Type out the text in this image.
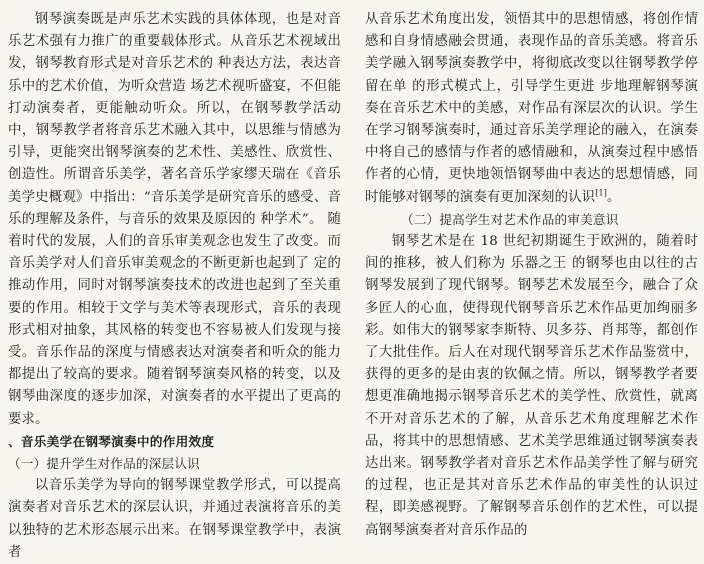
钢琴演奏既是声乐艺术实践的具体体现，也是对音乐艺术强有力推广的重要载体形式。从音乐艺术视域出发，钢琴教育形式是对音乐艺术的 种表达方法，表达音乐中的艺术价值，为听众营造 场艺术视听盛宴，不但能打动演奏者，更能触动听众。所以，在钢琴教学活动中，钢琴教学者将音乐艺术融入其中，以思维与情感为引导，更能突出钢琴演奏的艺术性、美感性、欣赏性、创造性。所谓音乐美学，著名音乐学家缪天瑞在《音乐美学史概观》中指出：“音乐美学是研究音乐的感受、音乐的理解及条件，与音乐的效果及原因的 种学术”。 随着时代的发展，人们的音乐审美观念也发生了改变。而音乐美学对人们音乐审美观念的不断更新也起到了 定的推动作用，同时对钢琴演奏技术的改进也起到了至关重要的作用。相较于文学与美术等表现形式，音乐的表现形式相对抽象，其风格的转变也不容易被人们发现与接受。音乐作品的深度与情感表达对演奏者和听众的能力都提出了较高的要求。随着钢琴演奏风格的转变，以及钢琴曲深度的逐步加深，对演奏者的水平提出了更高的要求。

、音乐美学在钢琴演奏中的作用效度

（一）提升学生对作品的深层认识

以音乐美学为导向的钢琴课堂教学形式，可以提高演奏者对音乐艺术的深层认识，并通过表演将音乐的美以独特的艺术形态展示出来。在钢琴课堂教学中，表演者

从音乐艺术角度出发，领悟其中的思想情感，将创作情感和自身情感融会贯通，表现作品的音乐美感。将音乐美学融入钢琴演奏教学中，将彻底改变以往钢琴教学停留在单 的形式模式上，引导学生更进 步地理解钢琴演奏在音乐艺术中的美感，对作品有深层次的认识。学生在学习钢琴演奏时，通过音乐美学理论的融入，在演奏中将自己的感情与作者的感情融和，从演奏过程中感悟作者的心情，更快地领悟钢琴曲中表达的思想情感，同时能够对钢琴的演奏有更加深刻的认识[1]。

（二）提高学生对艺术作品的审美意识

钢琴艺术是在 18 世纪初期诞生于欧洲的，随着时间的推移，被人们称为 乐器之王 的钢琴也由以往的古钢琴发展到了现代钢琴。钢琴艺术发展至今，融合了众多匠人的心血，使得现代钢琴音乐艺术作品更加绚丽多彩。如伟大的钢琴家李斯特、贝多芬、肖邦等，都创作了大批佳作。后人在对现代钢琴音乐艺术作品鉴赏中，获得的更多的是由衷的钦佩之情。所以，钢琴教学者要想更准确地揭示钢琴音乐艺术的美学性、欣赏性，就离不开对音乐艺术的了解，从音乐艺术角度理解艺术作品，将其中的思想情感、艺术美学思维通过钢琴演奏表达出来。钢琴教学者对音乐艺术作品美学性了解与研究的过程，也正是其对音乐艺术作品的审美性的认识过程，即美感视野。了解钢琴音乐创作的艺术性，可以提高钢琴演奏者对音乐作品的
